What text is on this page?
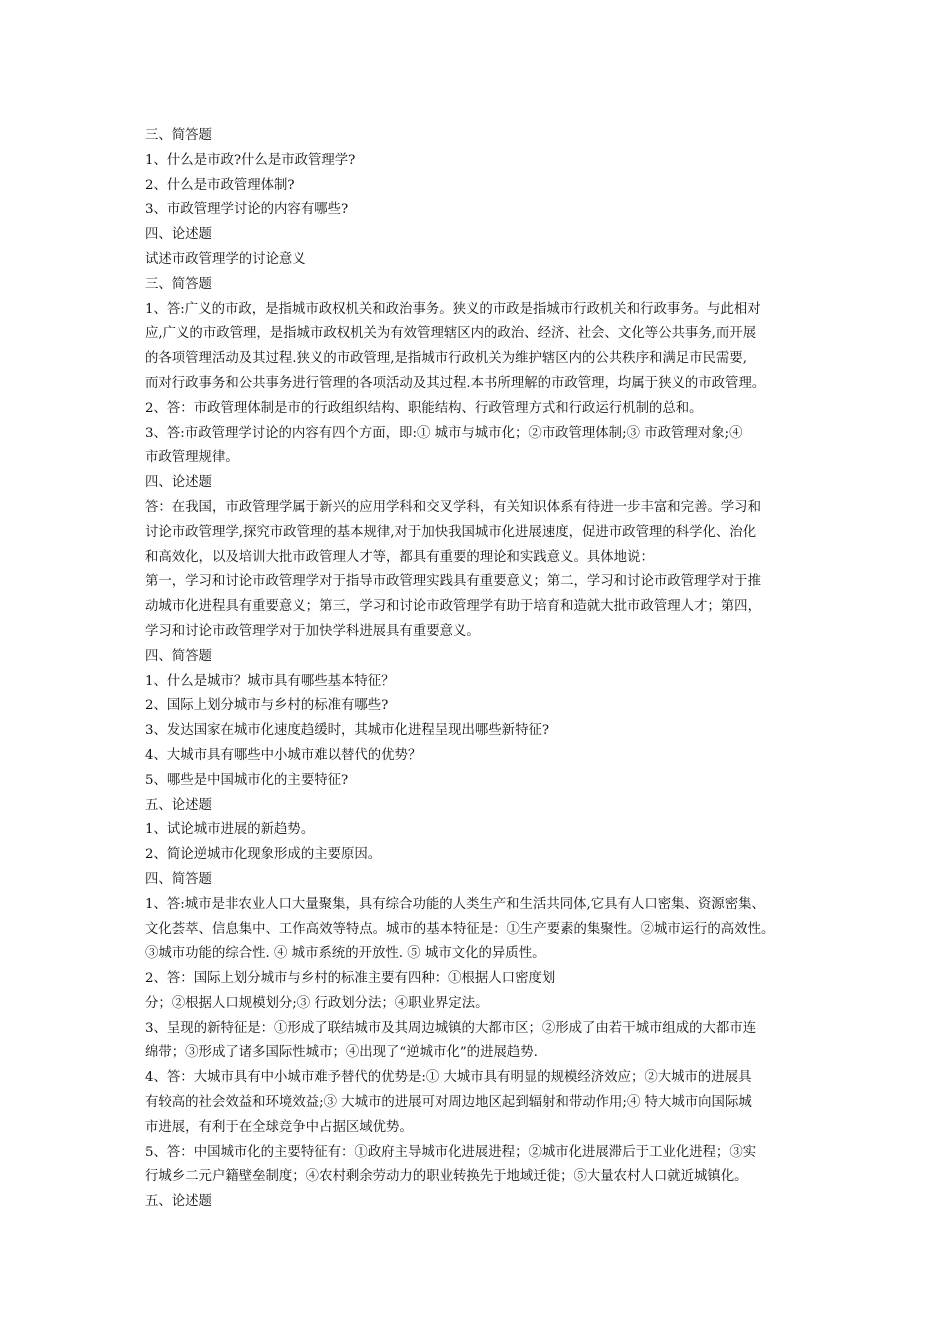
三、简答题
1、什么是市政?什么是市政管理学?
2、什么是市政管理体制?
3、市政管理学讨论的内容有哪些?
四、论述题
试述市政管理学的讨论意义
三、简答题
1、答:广义的市政，是指城市政权机关和政治事务。狭义的市政是指城市行政机关和行政事务。与此相对
应,广义的市政管理，是指城市政权机关为有效管理辖区内的政治、经济、社会、文化等公共事务,而开展
的各项管理活动及其过程.狭义的市政管理,是指城市行政机关为维护辖区内的公共秩序和满足市民需要,
而对行政事务和公共事务进行管理的各项活动及其过程.本书所理解的市政管理，均属于狭义的市政管理。
2、答：市政管理体制是市的行政组织结构、职能结构、行政管理方式和行政运行机制的总和。
3、答:市政管理学讨论的内容有四个方面，即:① 城市与城市化；②市政管理体制;③ 市政管理对象;④
市政管理规律。
四、论述题
答：在我国，市政管理学属于新兴的应用学科和交叉学科，有关知识体系有待进一步丰富和完善。学习和
讨论市政管理学,探究市政管理的基本规律,对于加快我国城市化进展速度，促进市政管理的科学化、治化
和高效化，以及培训大批市政管理人才等，都具有重要的理论和实践意义。具体地说：
第一，学习和讨论市政管理学对于指导市政管理实践具有重要意义；第二，学习和讨论市政管理学对于推
动城市化进程具有重要意义；第三，学习和讨论市政管理学有助于培育和造就大批市政管理人才；第四，
学习和讨论市政管理学对于加快学科进展具有重要意义。
四、简答题
1、什么是城市？城市具有哪些基本特征？
2、国际上划分城市与乡村的标准有哪些?
3、发达国家在城市化速度趋缓时，其城市化进程呈现出哪些新特征?
4、大城市具有哪些中小城市难以替代的优势？
5、哪些是中国城市化的主要特征?
五、论述题
1、试论城市进展的新趋势。
2、简论逆城市化现象形成的主要原因。
四、简答题
1、答:城市是非农业人口大量聚集，具有综合功能的人类生产和生活共同体,它具有人口密集、资源密集、
文化荟萃、信息集中、工作高效等特点。城市的基本特征是：①生产要素的集聚性。②城市运行的高效性。
③城市功能的综合性. ④ 城市系统的开放性. ⑤ 城市文化的异质性。
2、答：国际上划分城市与乡村的标准主要有四种：①根据人口密度划
分；②根据人口规模划分;③ 行政划分法；④职业界定法。
3、呈现的新特征是：①形成了联结城市及其周边城镇的大都市区；②形成了由若干城市组成的大都市连
绵带；③形成了诸多国际性城市；④出现了“逆城市化”的进展趋势.
4、答：大城市具有中小城市难予替代的优势是:① 大城市具有明显的规模经济效应；②大城市的进展具
有较高的社会效益和环境效益;③ 大城市的进展可对周边地区起到辐射和带动作用;④ 特大城市向国际城
市进展，有利于在全球竞争中占据区域优势。
5、答：中国城市化的主要特征有：①政府主导城市化进展进程；②城市化进展滞后于工业化进程；③实
行城乡二元户籍壁垒制度；④农村剩余劳动力的职业转换先于地域迁徙；⑤大量农村人口就近城镇化。
五、论述题
